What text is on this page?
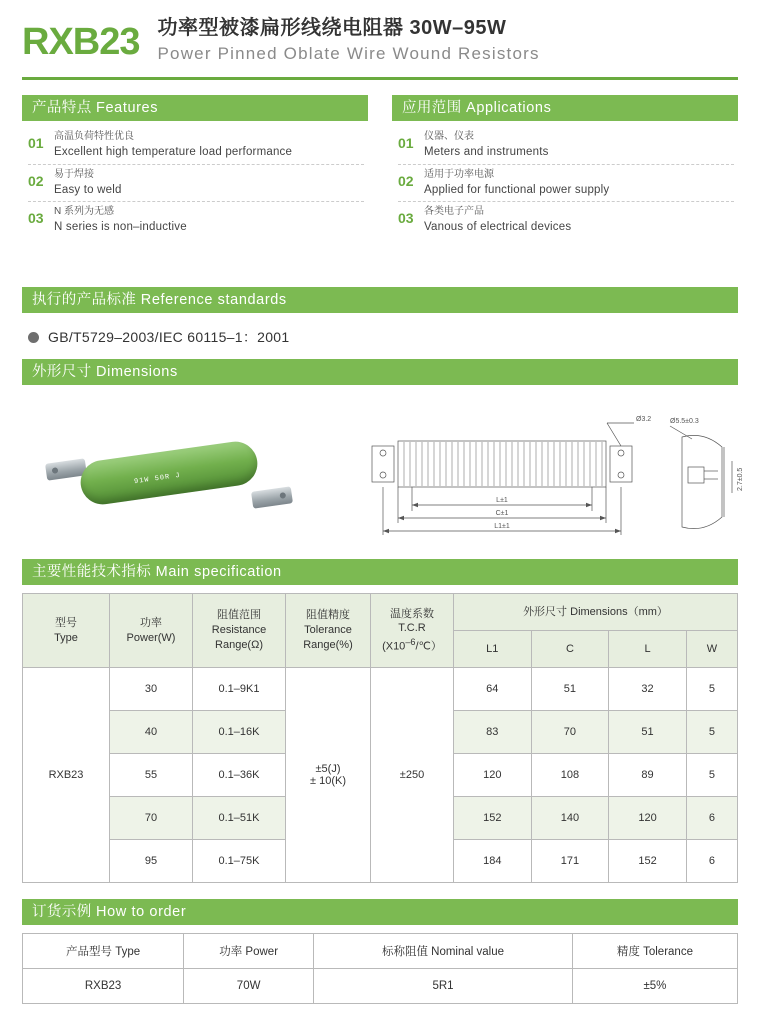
RXB23 功率型被漆扁形线绕电阻器 30W–95W
Power Pinned Oblate Wire Wound Resistors
产品特点 Features
01	高温负荷特性优良
Excellent high temperature load performance
02	易于焊接
Easy to weld
03	N 系列为无感
N series is non–inductive
应用范围 Applications
01	仪器、仪表
Meters and instruments
02	适用于功率电源
Applied for functional power supply
03	各类电子产品
Vanous of electrical devices
执行的产品标准 Reference standards
GB/T5729–2003/IEC 60115–1：2001
外形尺寸 Dimensions
91W 50R J
Ø3.2	Ø5.5±0.3
L±1
C±1
L1±1
2.7±0.5
主要性能技术指标 Main specification
型号
Type

功率
Power(W)

阻值范围
Resistance
Range(Ω)

阻值精度
Tolerance
Range(%)

温度系数
T.C.R
$(X10^{-6}/℃)$
	外形尺寸 Dimensions（mm）
					L1	C	L	W
RXB23	30	0.1–9K1	±5(J)
± 10(K)	±250	64	51	32	5
	40	0.1–16K			83	70	51	5
	55	0.1–36K			120	108	89	5
	70	0.1–51K			152	140	120	6
	95	0.1–75K			184	171	152	6
订货示例 How to order
产品型号 Type	功率 Power	标称阻值 Nominal value	精度 Tolerance
RXB23	70W	5R1	±5%
